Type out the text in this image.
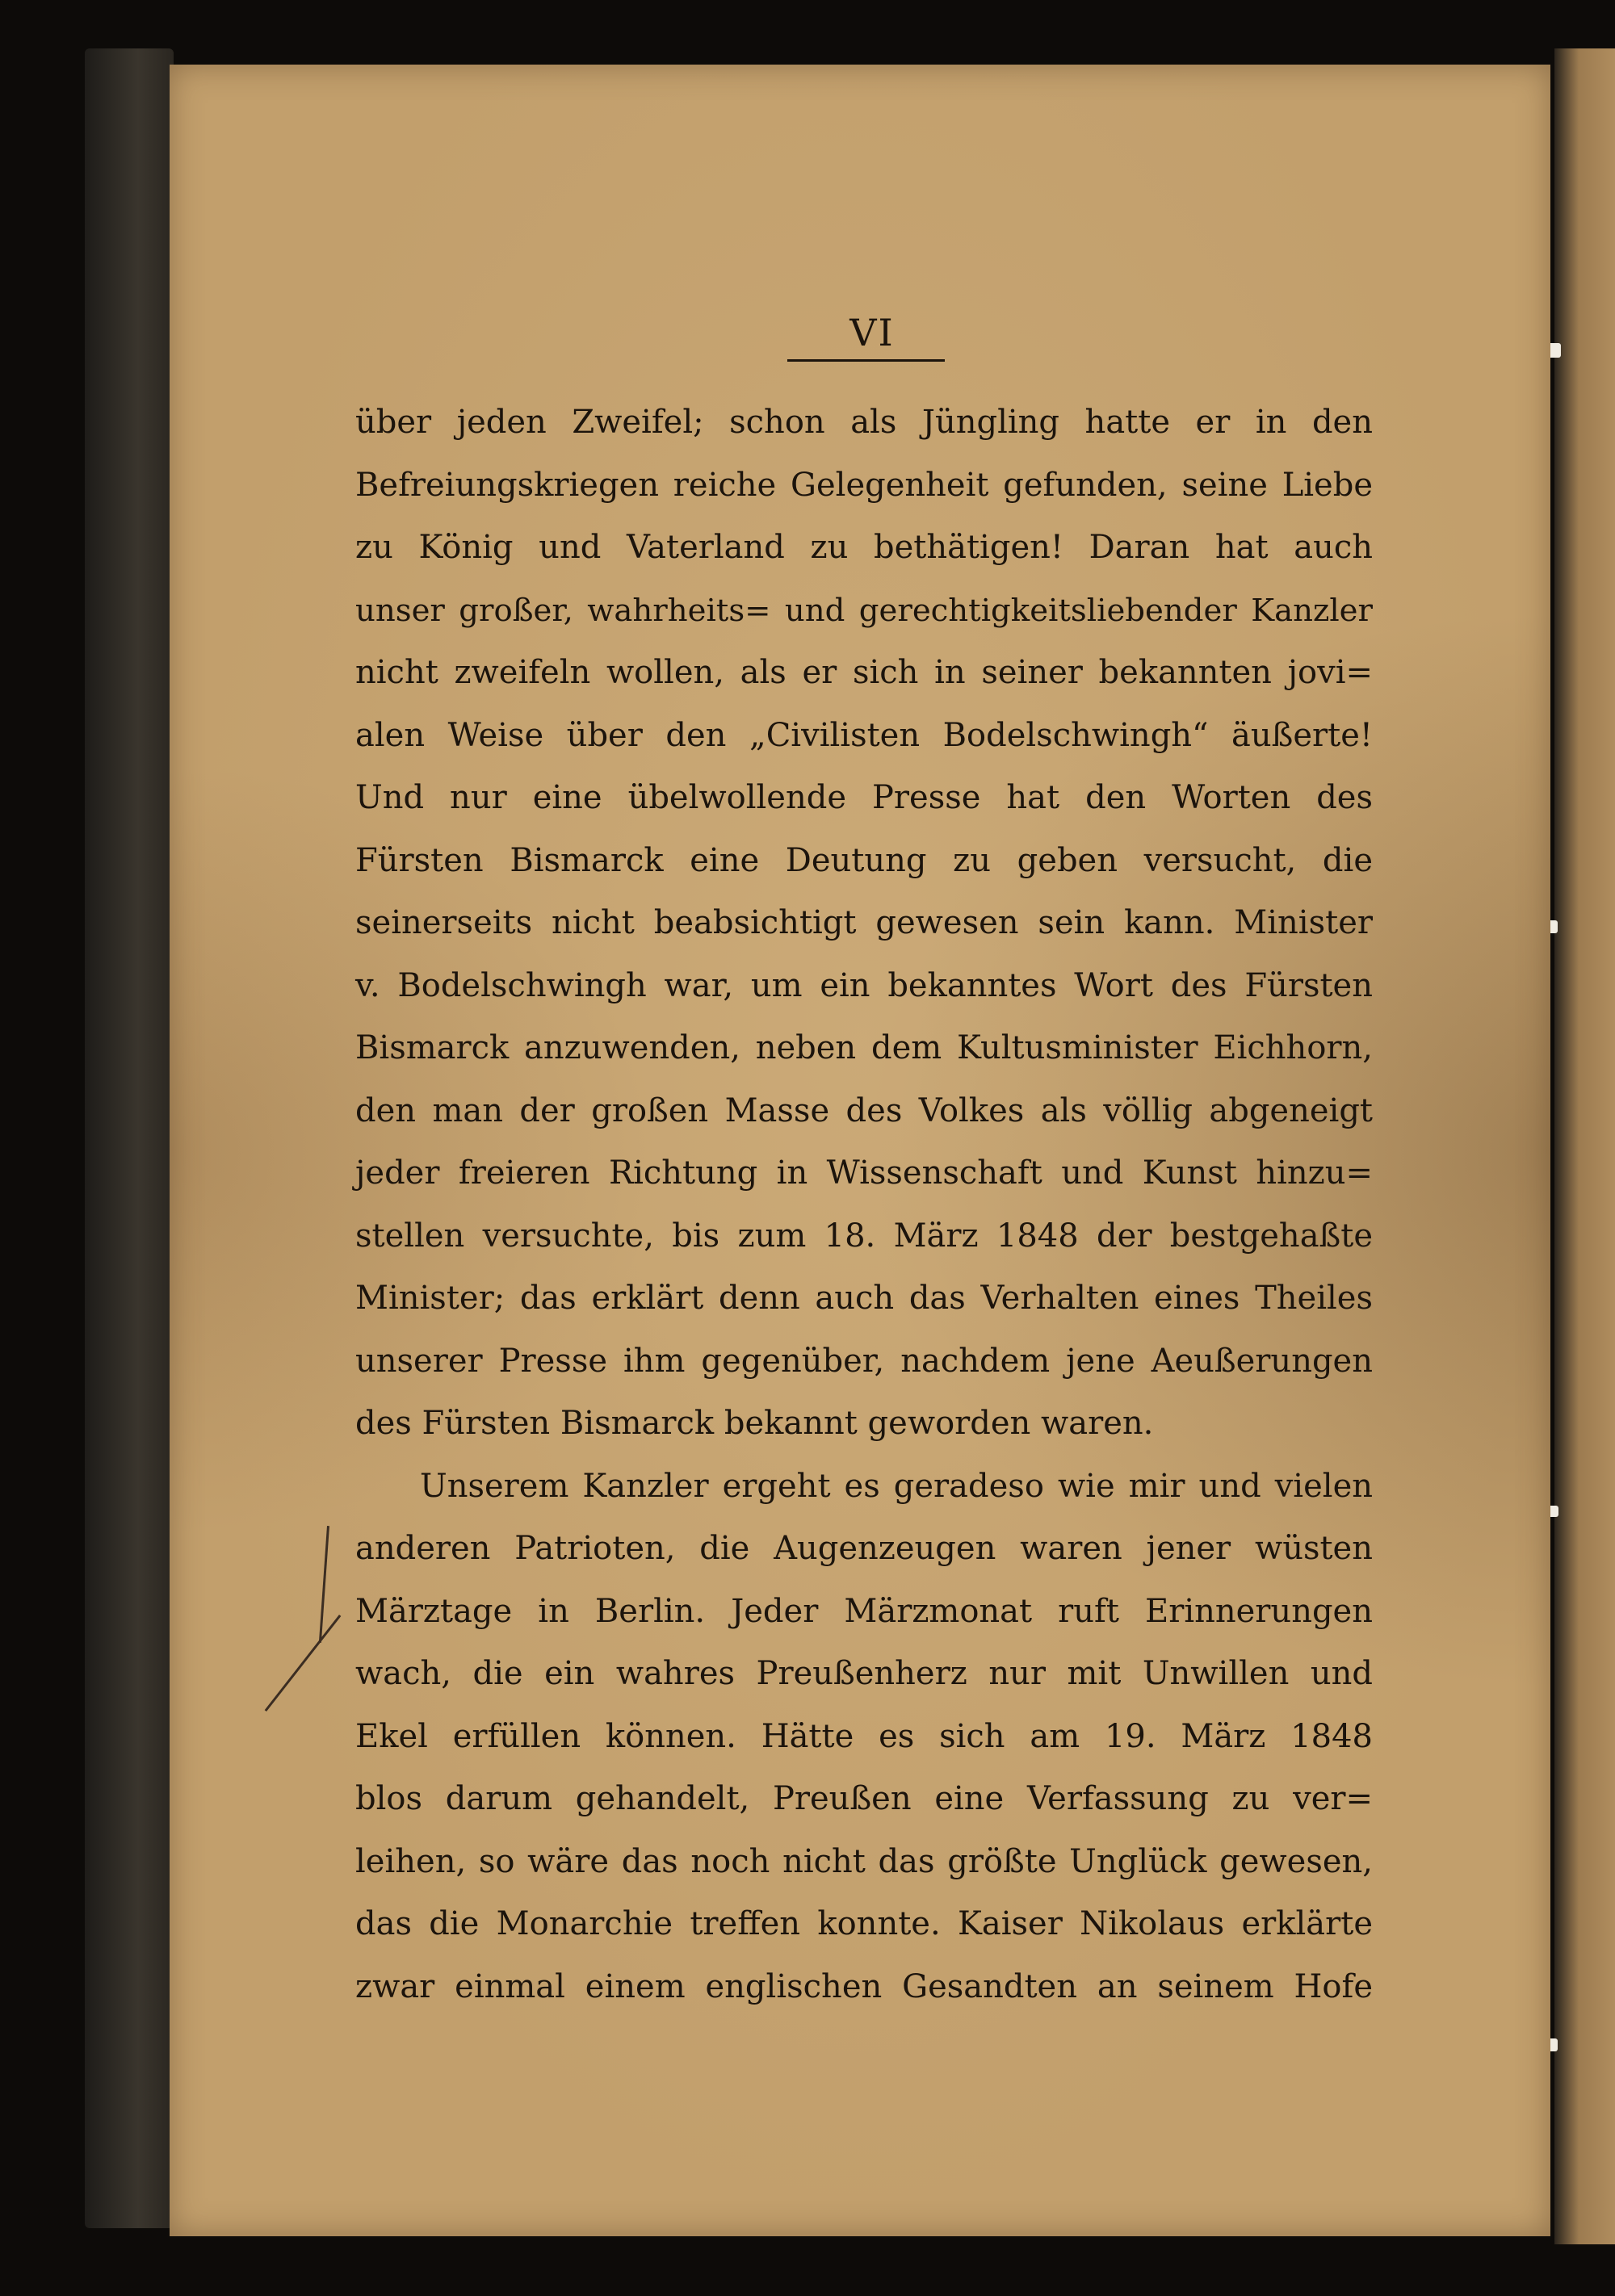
VI
über jeden Zweifel; schon als Jüngling hatte er in den
Befreiungskriegen reiche Gelegenheit gefunden, seine Liebe
zu König und Vaterland zu bethätigen! Daran hat auch
unser großer, wahrheits= und gerechtigkeitsliebender Kanzler
nicht zweifeln wollen, als er sich in seiner bekannten jovi=
alen Weise über den „Civilisten Bodelschwingh“ äußerte!
Und nur eine übelwollende Presse hat den Worten des
Fürsten Bismarck eine Deutung zu geben versucht, die
seinerseits nicht beabsichtigt gewesen sein kann. Minister
v. Bodelschwingh war, um ein bekanntes Wort des Fürsten
Bismarck anzuwenden, neben dem Kultusminister Eichhorn,
den man der großen Masse des Volkes als völlig abgeneigt
jeder freieren Richtung in Wissenschaft und Kunst hinzu=
stellen versuchte, bis zum 18. März 1848 der bestgehaßte
Minister; das erklärt denn auch das Verhalten eines Theiles
unserer Presse ihm gegenüber, nachdem jene Aeußerungen
des Fürsten Bismarck bekannt geworden waren.
Unserem Kanzler ergeht es geradeso wie mir und vielen
anderen Patrioten, die Augenzeugen waren jener wüsten
Märztage in Berlin. Jeder Märzmonat ruft Erinnerungen
wach, die ein wahres Preußenherz nur mit Unwillen und
Ekel erfüllen können. Hätte es sich am 19. März 1848
blos darum gehandelt, Preußen eine Verfassung zu ver=
leihen, so wäre das noch nicht das größte Unglück gewesen,
das die Monarchie treffen konnte. Kaiser Nikolaus erklärte
zwar einmal einem englischen Gesandten an seinem Hofe
